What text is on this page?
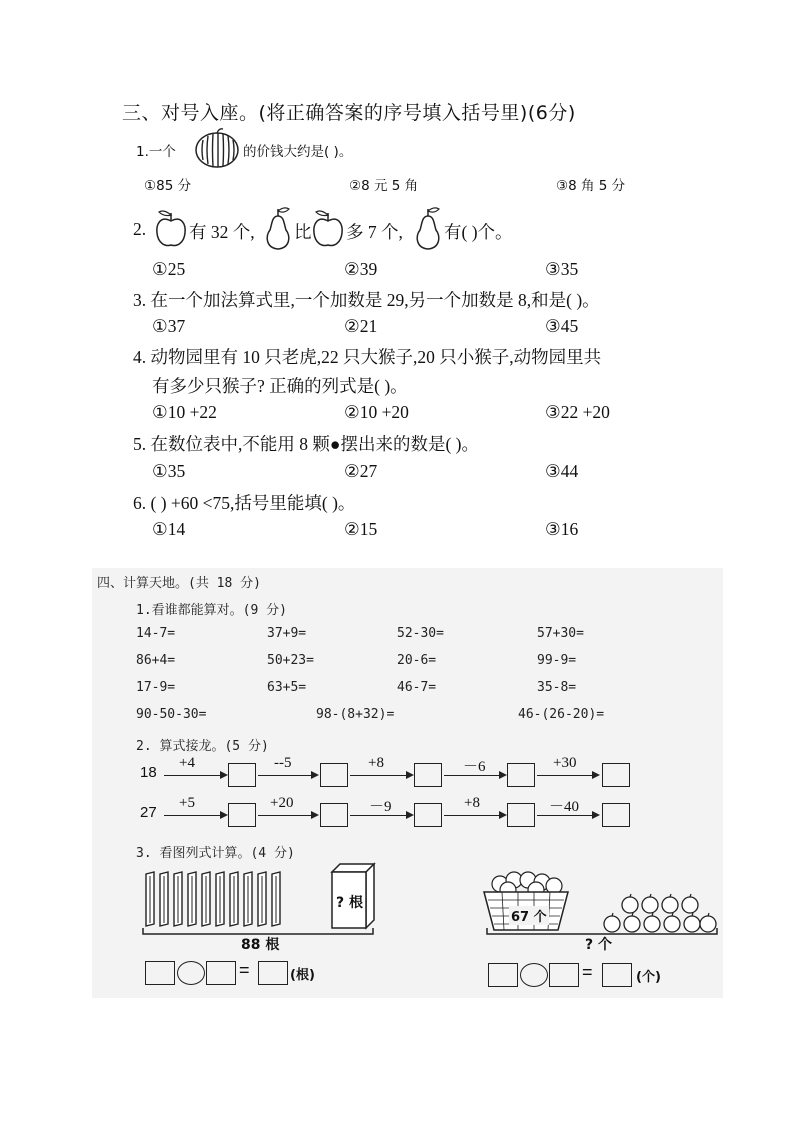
三、对号入座。(将正确答案的序号填入括号里)(6分)
1.一个	的价钱大约是( )。
①85 分	②8 元 5 角	③8 角 5 分
2. 有 32 个, 比 多 7 个, 有( )个。
①25	②39	③35
3. 在一个加法算式里,一个加数是 29,另一个加数是 8,和是( )。
①37	②21	③45
4. 动物园里有 10 只老虎,22 只大猴子,20 只小猴子,动物园里共
有多少只猴子? 正确的列式是( )。
①10 +22	②10 +20	③22 +20
5. 在数位表中,不能用 8 颗●摆出来的数是( )。
①35	②27	③44
6. ( ) +60 <75,括号里能填( )。
①14	②15	③16
四、计算天地。(共 18 分)
1.看谁都能算对。(9 分)
14-7=	37+9=	52-30=	57+30=
86+4=	50+23=	20-6=	99-9=
17-9=	63+5=	46-7=	35-8=
90-50-30=	98-(8+32)=	46-(26-20)=
2. 算式接龙。(5 分)
18
+4	--5	+8	－6	+30
27
+5	+20	－9	+8	－40
3. 看图列式计算。(4 分)
? 根
88 根
=	(根)
67 个
? 个
=	(个)
